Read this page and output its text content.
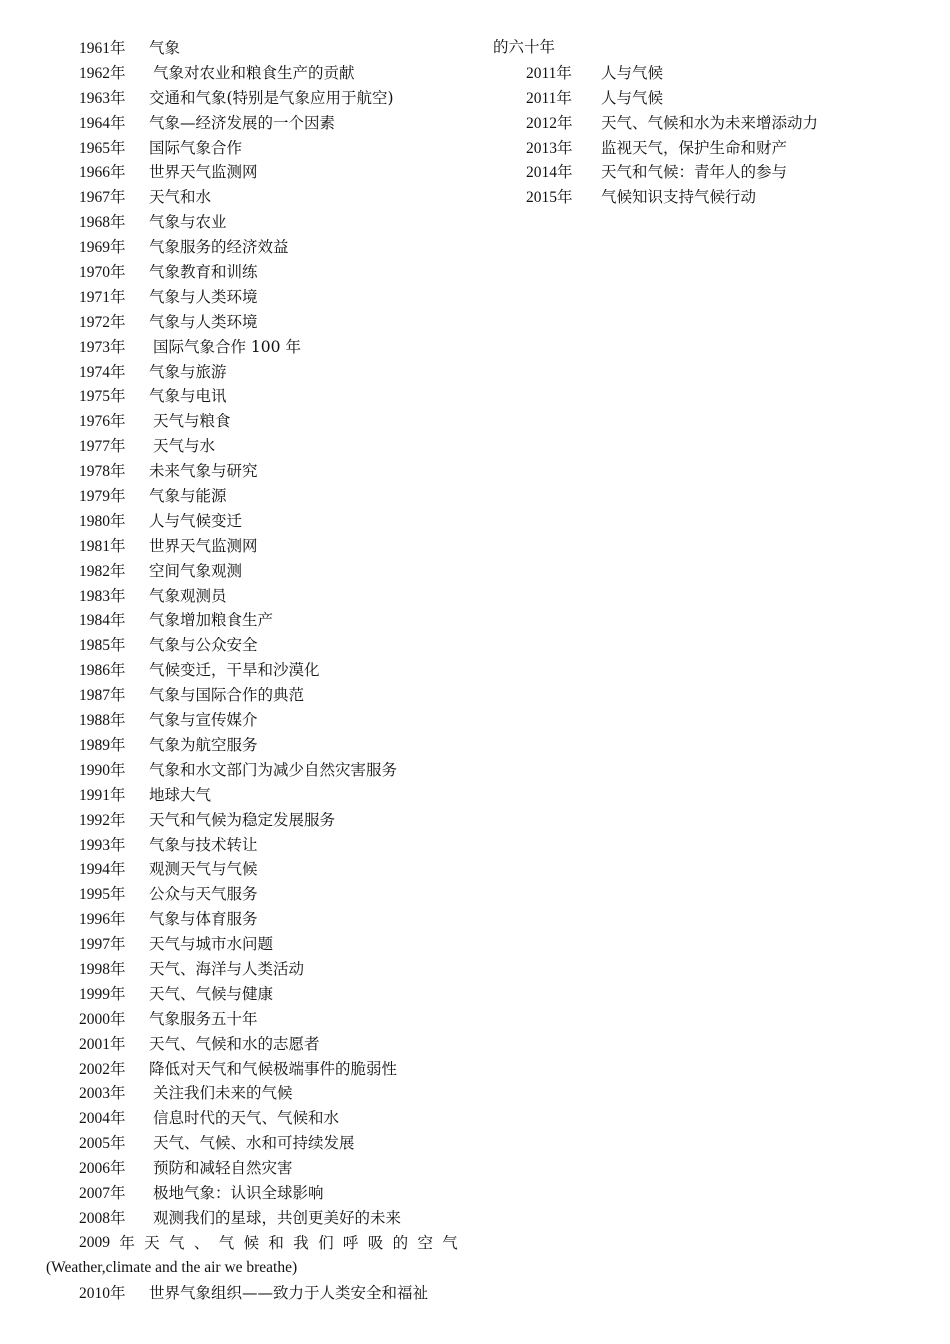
1961年 气象
1962年 气象对农业和粮食生产的贡献
1963年 交通和气象(特别是气象应用于航空)
1964年 气象—经济发展的一个因素
1965年 国际气象合作
1966年 世界天气监测网
1967年 天气和水
1968年 气象与农业
1969年 气象服务的经济效益
1970年 气象教育和训练
1971年 气象与人类环境
1972年 气象与人类环境
1973年 国际气象合作 100 年
1974年 气象与旅游
1975年 气象与电讯
1976年 天气与粮食
1977年 天气与水
1978年 未来气象与研究
1979年 气象与能源
1980年 人与气候变迁
1981年 世界天气监测网
1982年 空间气象观测
1983年 气象观测员
1984年 气象增加粮食生产
1985年 气象与公众安全
1986年 气候变迁，干旱和沙漠化
1987年 气象与国际合作的典范
1988年 气象与宣传媒介
1989年 气象为航空服务
1990年 气象和水文部门为减少自然灾害服务
1991年 地球大气
1992年 天气和气候为稳定发展服务
1993年 气象与技术转让
1994年 观测天气与气候
1995年 公众与天气服务
1996年 气象与体育服务
1997年 天气与城市水问题
1998年 天气、海洋与人类活动
1999年 天气、气候与健康
2000年 气象服务五十年
2001年 天气、气候和水的志愿者
2002年 降低对天气和气候极端事件的脆弱性
2003年 关注我们未来的气候
2004年 信息时代的天气、气候和水
2005年 天气、气候、水和可持续发展
2006年 预防和减轻自然灾害
2007年 极地气象：认识全球影响
2008年 观测我们的星球，共创更美好的未来
2009 年 天 气 、 气 候 和 我 们 呼 吸 的 空 气
(Weather,climate and the air we breathe)
2010年 世界气象组织——致力于人类安全和福祉
的六十年
2011年 人与气候
2011年 人与气候
2012年 天气、气候和水为未来增添动力
2013年 监视天气，保护生命和财产
2014年 天气和气候：青年人的参与
2015年 气候知识支持气候行动
